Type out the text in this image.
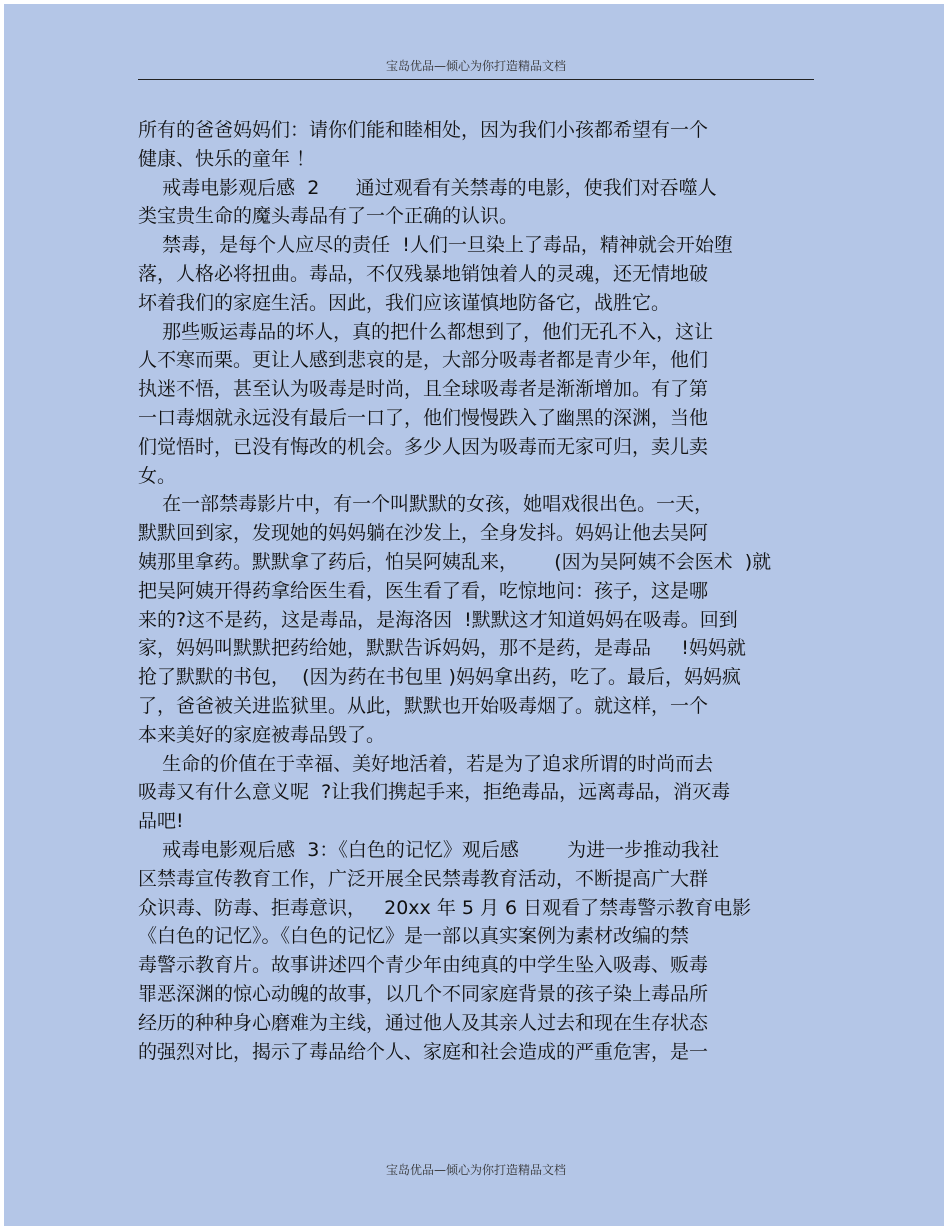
宝岛优品—倾心为你打造精品文档
所有的爸爸妈妈们：请你们能和睦相处，因为我们小孩都希望有一个
健康、快乐的童年 ！
戒毒电影观后感  2      通过观看有关禁毒的电影，使我们对吞噬人
类宝贵生命的魔头毒品有了一个正确的认识。
禁毒，是每个人应尽的责任  !人们一旦染上了毒品，精神就会开始堕
落，人格必将扭曲。毒品，不仅残暴地销蚀着人的灵魂，还无情地破
坏着我们的家庭生活。因此，我们应该谨慎地防备它，战胜它。
那些贩运毒品的坏人，真的把什么都想到了，他们无孔不入，这让
人不寒而栗。更让人感到悲哀的是，大部分吸毒者都是青少年，他们
执迷不悟，甚至认为吸毒是时尚，且全球吸毒者是渐渐增加。有了第
一口毒烟就永远没有最后一口了，他们慢慢跌入了幽黑的深渊，当他
们觉悟时，已没有悔改的机会。多少人因为吸毒而无家可归，卖儿卖
女。
在一部禁毒影片中，有一个叫默默的女孩，她唱戏很出色。一天，
默默回到家，发现她的妈妈躺在沙发上，全身发抖。妈妈让他去吴阿
姨那里拿药。默默拿了药后，怕吴阿姨乱来，      (因为吴阿姨不会医术  )就
把吴阿姨开得药拿给医生看，医生看了看，吃惊地问：孩子，这是哪
来的?这不是药，这是毒品，是海洛因  !默默这才知道妈妈在吸毒。回到
家，妈妈叫默默把药给她，默默告诉妈妈，那不是药，是毒品     !妈妈就
抢了默默的书包，  (因为药在书包里 )妈妈拿出药，吃了。最后，妈妈疯
了，爸爸被关进监狱里。从此，默默也开始吸毒烟了。就这样，一个
本来美好的家庭被毒品毁了。
生命的价值在于幸福、美好地活着，若是为了追求所谓的时尚而去
吸毒又有什么意义呢  ?让我们携起手来，拒绝毒品，远离毒品，消灭毒
品吧!
戒毒电影观后感  3：《白色的记忆》观后感        为进一步推动我社
区禁毒宣传教育工作，广泛开展全民禁毒教育活动，不断提高广大群
众识毒、防毒、拒毒意识，   20xx 年 5 月 6 日观看了禁毒警示教育电影
《白色的记忆》。《白色的记忆》是一部以真实案例为素材改编的禁
毒警示教育片。故事讲述四个青少年由纯真的中学生坠入吸毒、贩毒
罪恶深渊的惊心动魄的故事，以几个不同家庭背景的孩子染上毒品所
经历的种种身心磨难为主线，通过他人及其亲人过去和现在生存状态
的强烈对比，揭示了毒品给个人、家庭和社会造成的严重危害，是一
宝岛优品—倾心为你打造精品文档
